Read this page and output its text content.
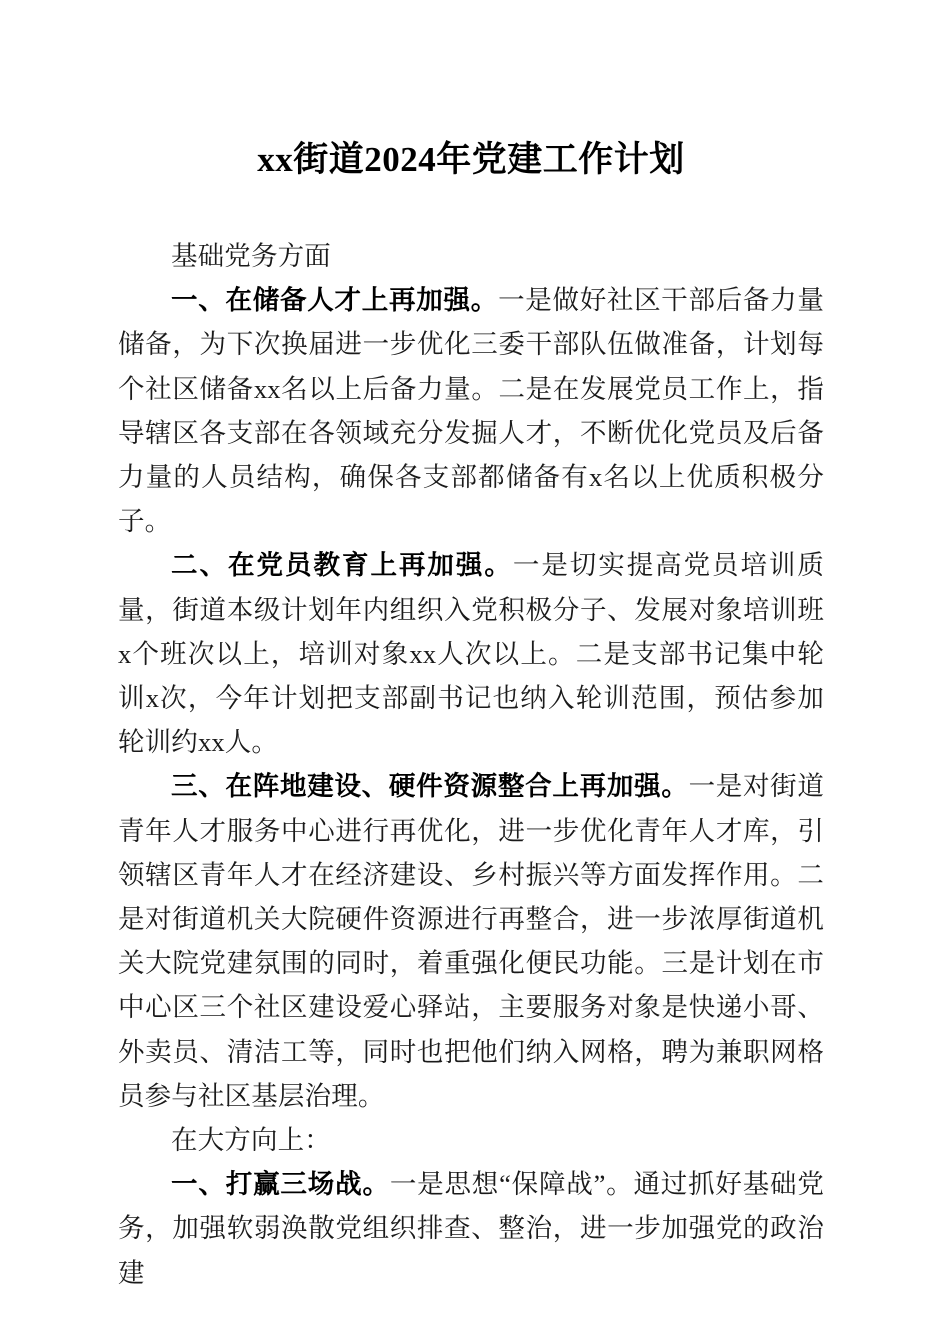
xx街道2024年党建工作计划

基础党务方面

一、在储备人才上再加强。一是做好社区干部后备力量储备，为下次换届进一步优化三委干部队伍做准备，计划每个社区储备xx名以上后备力量。二是在发展党员工作上，指导辖区各支部在各领域充分发掘人才，不断优化党员及后备力量的人员结构，确保各支部都储备有x名以上优质积极分子。

二、在党员教育上再加强。一是切实提高党员培训质量，街道本级计划年内组织入党积极分子、发展对象培训班x个班次以上，培训对象xx人次以上。二是支部书记集中轮训x次，今年计划把支部副书记也纳入轮训范围，预估参加轮训约xx人。

三、在阵地建设、硬件资源整合上再加强。一是对街道青年人才服务中心进行再优化，进一步优化青年人才库，引领辖区青年人才在经济建设、乡村振兴等方面发挥作用。二是对街道机关大院硬件资源进行再整合，进一步浓厚街道机关大院党建氛围的同时，着重强化便民功能。三是计划在市中心区三个社区建设爱心驿站，主要服务对象是快递小哥、外卖员、清洁工等，同时也把他们纳入网格，聘为兼职网格员参与社区基层治理。

在大方向上：

一、打赢三场战。一是思想“保障战”。通过抓好基础党务，加强软弱涣散党组织排查、整治，进一步加强党的政治建
